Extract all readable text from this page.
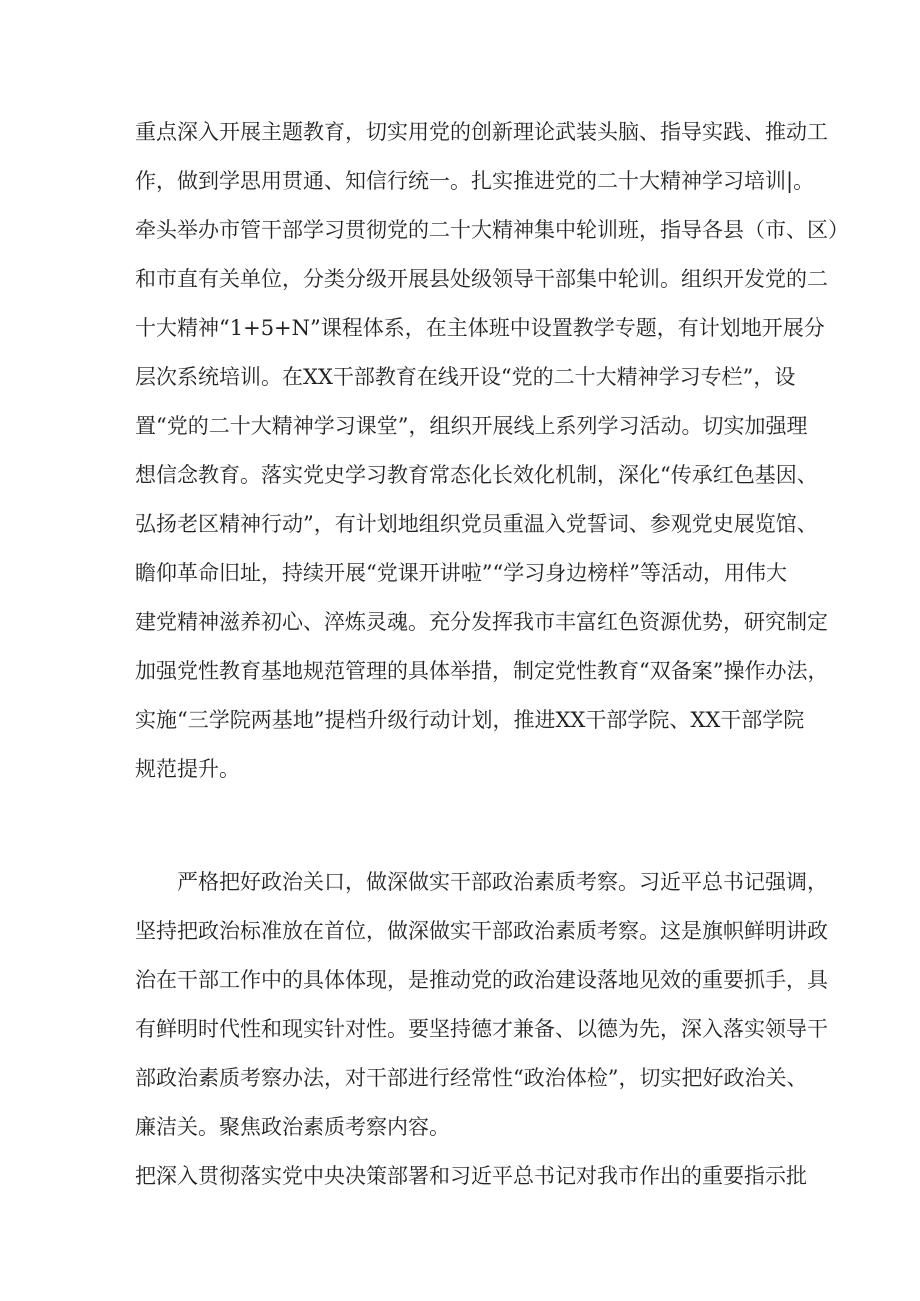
重点深入开展主题教育，切实用党的创新理论武装头脑、指导实践、推动工
作，做到学思用贯通、知信行统一。扎实推进党的二十大精神学习培训|。
牵头举办市管干部学习贯彻党的二十大精神集中轮训班，指导各县（市、区）
和市直有关单位，分类分级开展县处级领导干部集中轮训。组织开发党的二
十大精神“1+5+N”课程体系，在主体班中设置教学专题，有计划地开展分
层次系统培训。在XX干部教育在线开设“党的二十大精神学习专栏”，设
置“党的二十大精神学习课堂”，组织开展线上系列学习活动。切实加强理
想信念教育。落实党史学习教育常态化长效化机制，深化“传承红色基因、
弘扬老区精神行动”，有计划地组织党员重温入党誓词、参观党史展览馆、
瞻仰革命旧址，持续开展“党课开讲啦”“学习身边榜样”等活动，用伟大
建党精神滋养初心、淬炼灵魂。充分发挥我市丰富红色资源优势，研究制定
加强党性教育基地规范管理的具体举措，制定党性教育“双备案”操作办法，
实施“三学院两基地”提档升级行动计划，推进XX干部学院、XX干部学院
规范提升。
严格把好政治关口，做深做实干部政治素质考察。习近平总书记强调，
坚持把政治标准放在首位，做深做实干部政治素质考察。这是旗帜鲜明讲政
治在干部工作中的具体体现，是推动党的政治建设落地见效的重要抓手，具
有鲜明时代性和现实针对性。要坚持德才兼备、以德为先，深入落实领导干
部政治素质考察办法，对干部进行经常性“政治体检”，切实把好政治关、
廉洁关。聚焦政治素质考察内容。
把深入贯彻落实党中央决策部署和习近平总书记对我市作出的重要指示批
